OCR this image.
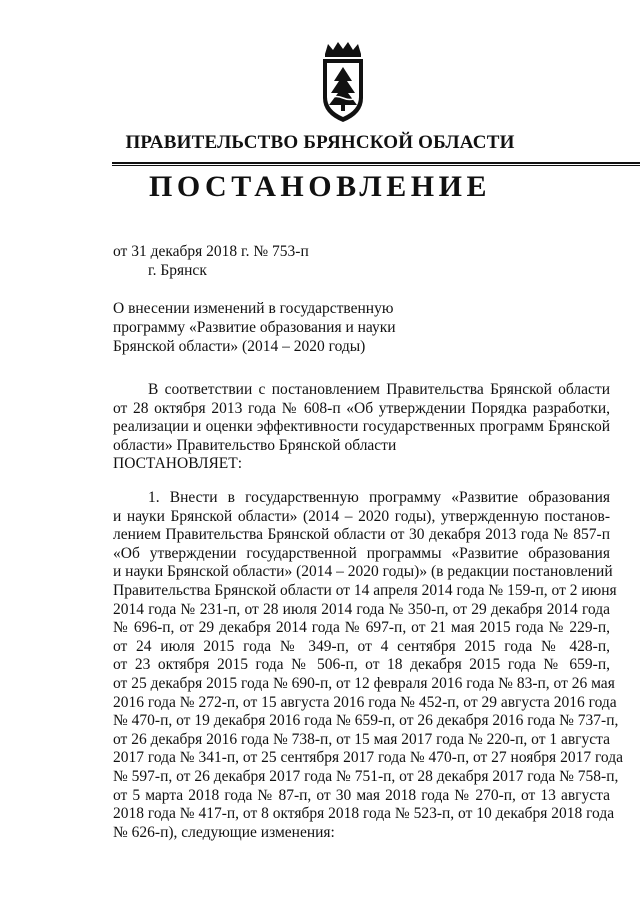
ПРАВИТЕЛЬСТВО БРЯНСКОЙ ОБЛАСТИ
ПОСТАНОВЛЕНИЕ
от 31 декабря 2018 г. № 753-п
г. Брянск
О внесении изменений в государственную
программу «Развитие образования и науки
Брянской области» (2014 – 2020 годы)
В соответствии с постановлением Правительства Брянской области
от 28 октября 2013 года № 608-п «Об утверждении Порядка разработки,
реализации и оценки эффективности государственных программ Брянской
области» Правительство Брянской области
ПОСТАНОВЛЯЕТ:
1. Внести в государственную программу «Развитие образования
и науки Брянской области» (2014 – 2020 годы), утвержденную постанов-
лением Правительства Брянской области от 30 декабря 2013 года № 857-п
«Об утверждении государственной программы «Развитие образования
и науки Брянской области» (2014 – 2020 годы)» (в редакции постановлений
Правительства Брянской области от 14 апреля 2014 года № 159-п, от 2 июня
2014 года № 231-п, от 28 июля 2014 года № 350-п, от 29 декабря 2014 года
№ 696-п, от 29 декабря 2014 года № 697-п, от 21 мая 2015 года № 229-п,
от 24 июля 2015 года № 349-п, от 4 сентября 2015 года № 428-п,
от 23 октября 2015 года № 506-п, от 18 декабря 2015 года № 659-п,
от 25 декабря 2015 года № 690-п, от 12 февраля 2016 года № 83-п, от 26 мая
2016 года № 272-п, от 15 августа 2016 года № 452-п, от 29 августа 2016 года
№ 470-п, от 19 декабря 2016 года № 659-п, от 26 декабря 2016 года № 737-п,
от 26 декабря 2016 года № 738-п, от 15 мая 2017 года № 220-п, от 1 августа
2017 года № 341-п, от 25 сентября 2017 года № 470-п, от 27 ноября 2017 года
№ 597-п, от 26 декабря 2017 года № 751-п, от 28 декабря 2017 года № 758-п,
от 5 марта 2018 года № 87-п, от 30 мая 2018 года № 270-п, от 13 августа
2018 года № 417-п, от 8 октября 2018 года № 523-п, от 10 декабря 2018 года
№ 626-п), следующие изменения:
